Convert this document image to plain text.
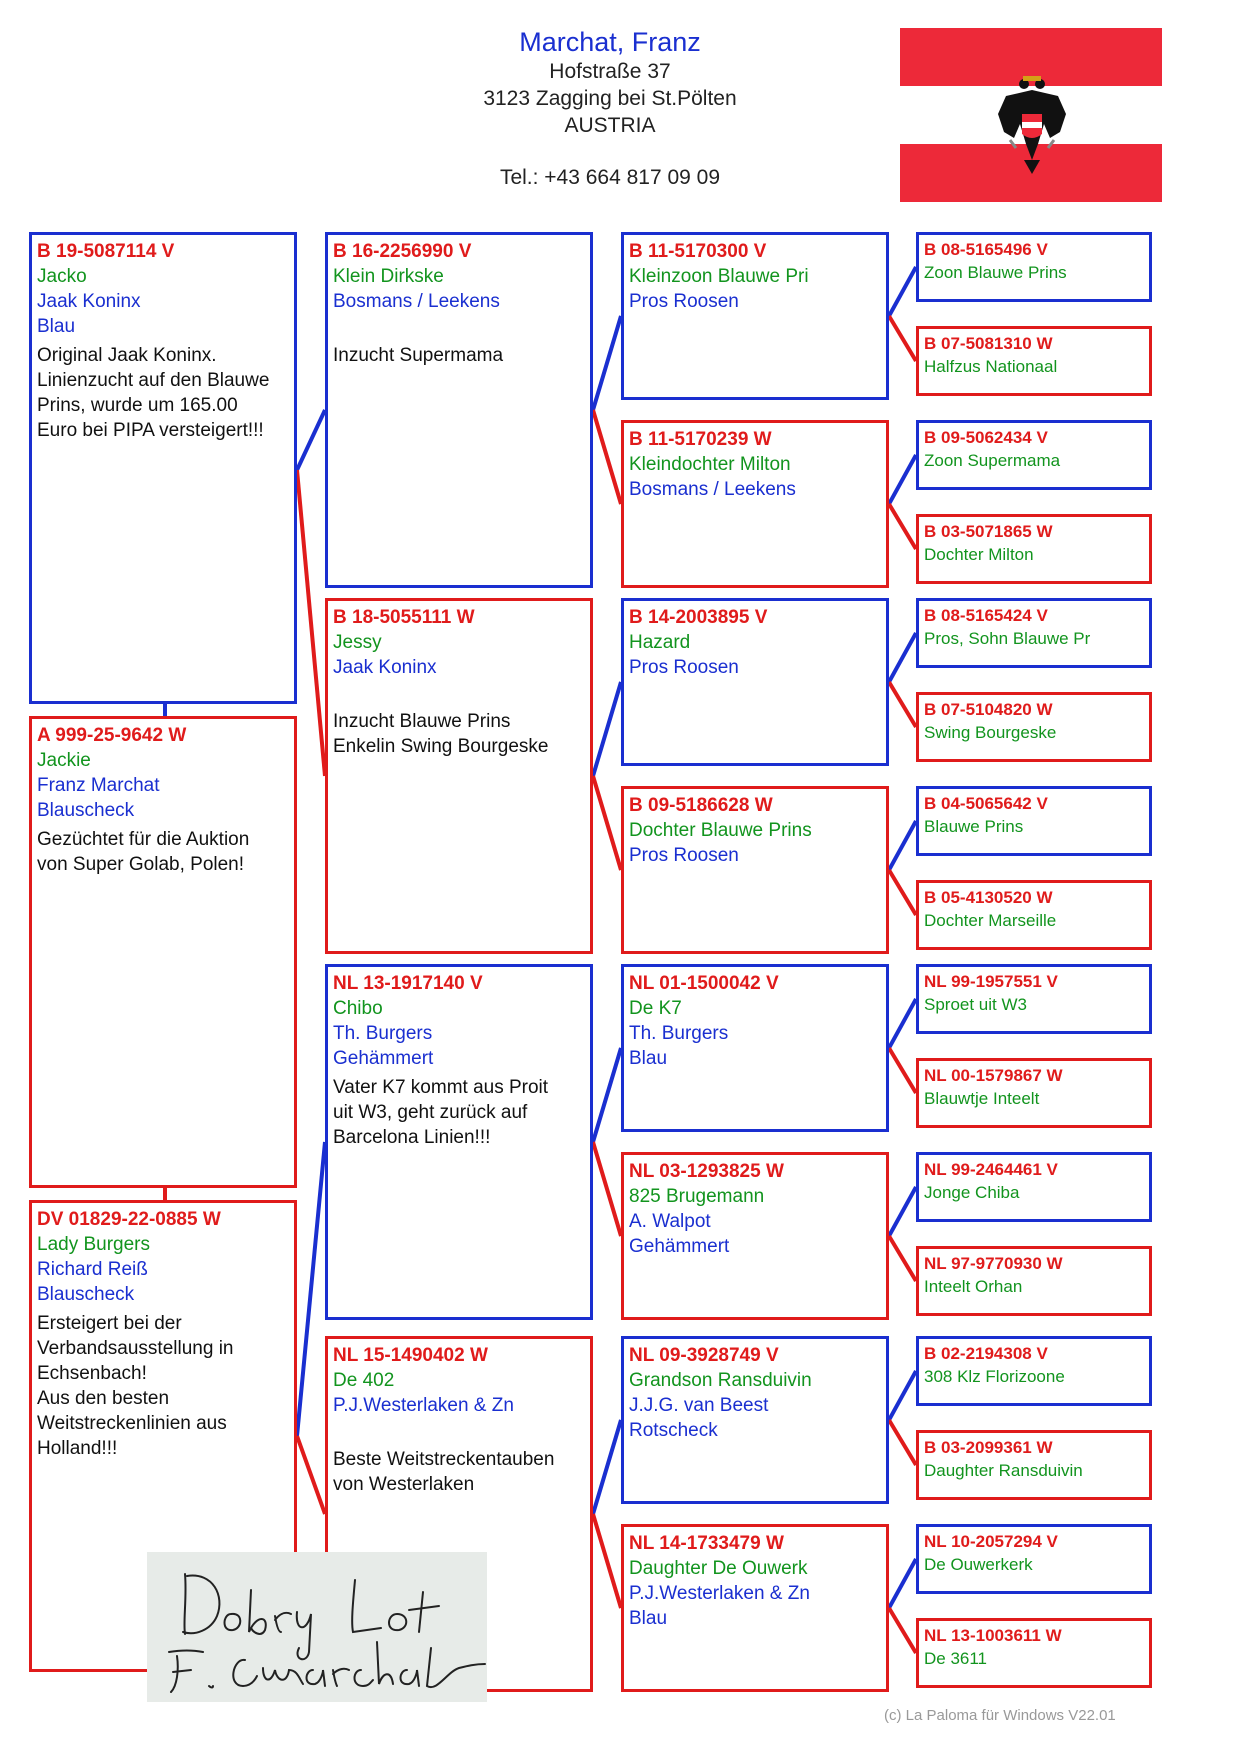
Marchat, Franz
Hofstraße 37
3123 Zagging bei St.Pölten
AUSTRIA
Tel.: +43 664 817 09 09
B 19-5087114 V
Jacko
Jaak Koninx
Blau
Original Jaak Koninx.
Linienzucht auf den Blauwe
Prins, wurde um 165.00
Euro bei PIPA versteigert!!!
A 999-25-9642 W
Jackie
Franz Marchat
Blauscheck
Gezüchtet für die Auktion
von Super Golab, Polen!
DV 01829-22-0885 W
Lady Burgers
Richard Reiß
Blauscheck
Ersteigert bei der
Verbandsausstellung in
Echsenbach!
Aus den besten
Weitstreckenlinien aus
Holland!!!
B 16-2256990 V
Klein Dirkske
Bosmans / Leekens

Inzucht Supermama
B 18-5055111 W
Jessy
Jaak Koninx

Inzucht Blauwe Prins
Enkelin Swing Bourgeske
NL 13-1917140 V
Chibo
Th. Burgers
Gehämmert
Vater K7 kommt aus Proit
uit W3, geht zurück auf
Barcelona Linien!!!
NL 15-1490402 W
De 402
P.J.Westerlaken & Zn

Beste Weitstreckentauben
von Westerlaken
B 11-5170300 V
Kleinzoon Blauwe Pri
Pros Roosen
B 11-5170239 W
Kleindochter Milton
Bosmans / Leekens
B 14-2003895 V
Hazard
Pros Roosen
B 09-5186628 W
Dochter Blauwe Prins
Pros Roosen
NL 01-1500042 V
De K7
Th. Burgers
Blau
NL 03-1293825 W
825 Brugemann
A. Walpot
Gehämmert
NL 09-3928749 V
Grandson Ransduivin
J.J.G. van Beest
Rotscheck
NL 14-1733479 W
Daughter De Ouwerk
P.J.Westerlaken & Zn
Blau
B 08-5165496 V
Zoon Blauwe Prins
B 07-5081310 W
Halfzus Nationaal
B 09-5062434 V
Zoon Supermama
B 03-5071865 W
Dochter Milton
B 08-5165424 V
Pros, Sohn Blauwe Pr
B 07-5104820 W
Swing Bourgeske
B 04-5065642 V
Blauwe Prins
B 05-4130520 W
Dochter Marseille
NL 99-1957551 V
Sproet uit W3
NL 00-1579867 W
Blauwtje Inteelt
NL 99-2464461 V
Jonge Chiba
NL 97-9770930 W
Inteelt Orhan
B 02-2194308 V
308 Klz Florizoone
B 03-2099361 W
Daughter Ransduivin
NL 10-2057294 V
De Ouwerkerk
NL 13-1003611 W
De 3611
(c) La Paloma für Windows V22.01
